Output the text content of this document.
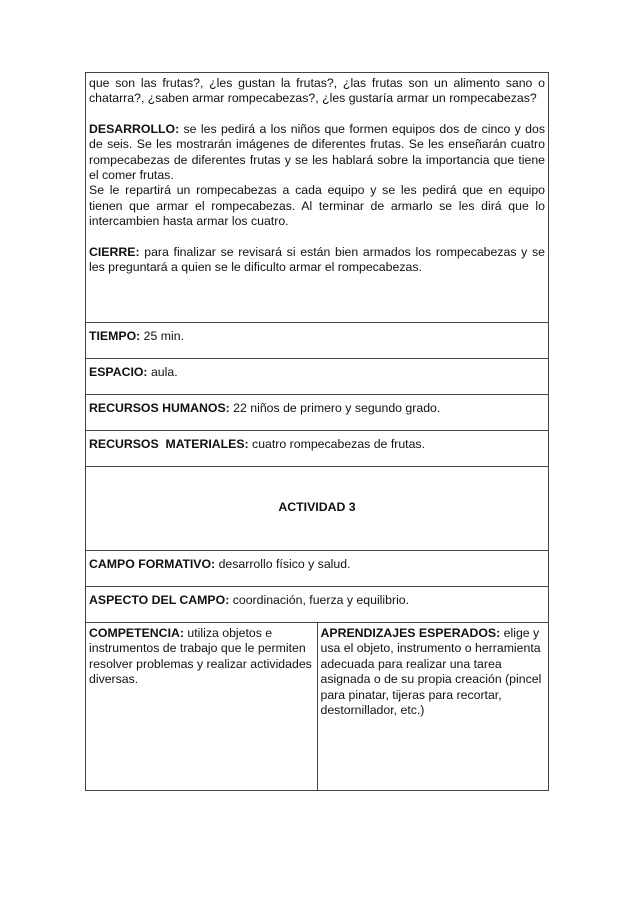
que son las frutas?, ¿les gustan la frutas?, ¿las frutas son un alimento sano o chatarra?, ¿saben armar rompecabezas?, ¿les gustaría armar un rompecabezas?

DESARROLLO: se les pedirá a los niños que formen equipos dos de cinco y dos de seis. Se les mostrarán imágenes de diferentes frutas. Se les enseñarán cuatro rompecabezas de diferentes frutas y se les hablará sobre la importancia que tiene el comer frutas.

Se le repartirá un rompecabezas a cada equipo y se les pedirá que en equipo tienen que armar el rompecabezas. Al terminar de armarlo se les dirá que lo intercambien hasta armar los cuatro.

CIERRE: para finalizar se revisará si están bien armados los rompecabezas y se les preguntará a quien se le dificulto armar el rompecabezas.

TIEMPO: 25 min.
ESPACIO: aula.
RECURSOS HUMANOS: 22 niños de primero y segundo grado.
RECURSOS  MATERIALES: cuatro rompecabezas de frutas.
ACTIVIDAD 3
CAMPO FORMATIVO: desarrollo físico y salud.
ASPECTO DEL CAMPO: coordinación, fuerza y equilibrio.
COMPETENCIA: utiliza objetos e instrumentos de trabajo que le permiten resolver problemas y realizar actividades diversas.	APRENDIZAJES ESPERADOS: elige y usa el objeto, instrumento o herramienta adecuada para realizar una tarea asignada o de su propia creación (pincel para pinatar, tijeras para recortar, destornillador, etc.)
